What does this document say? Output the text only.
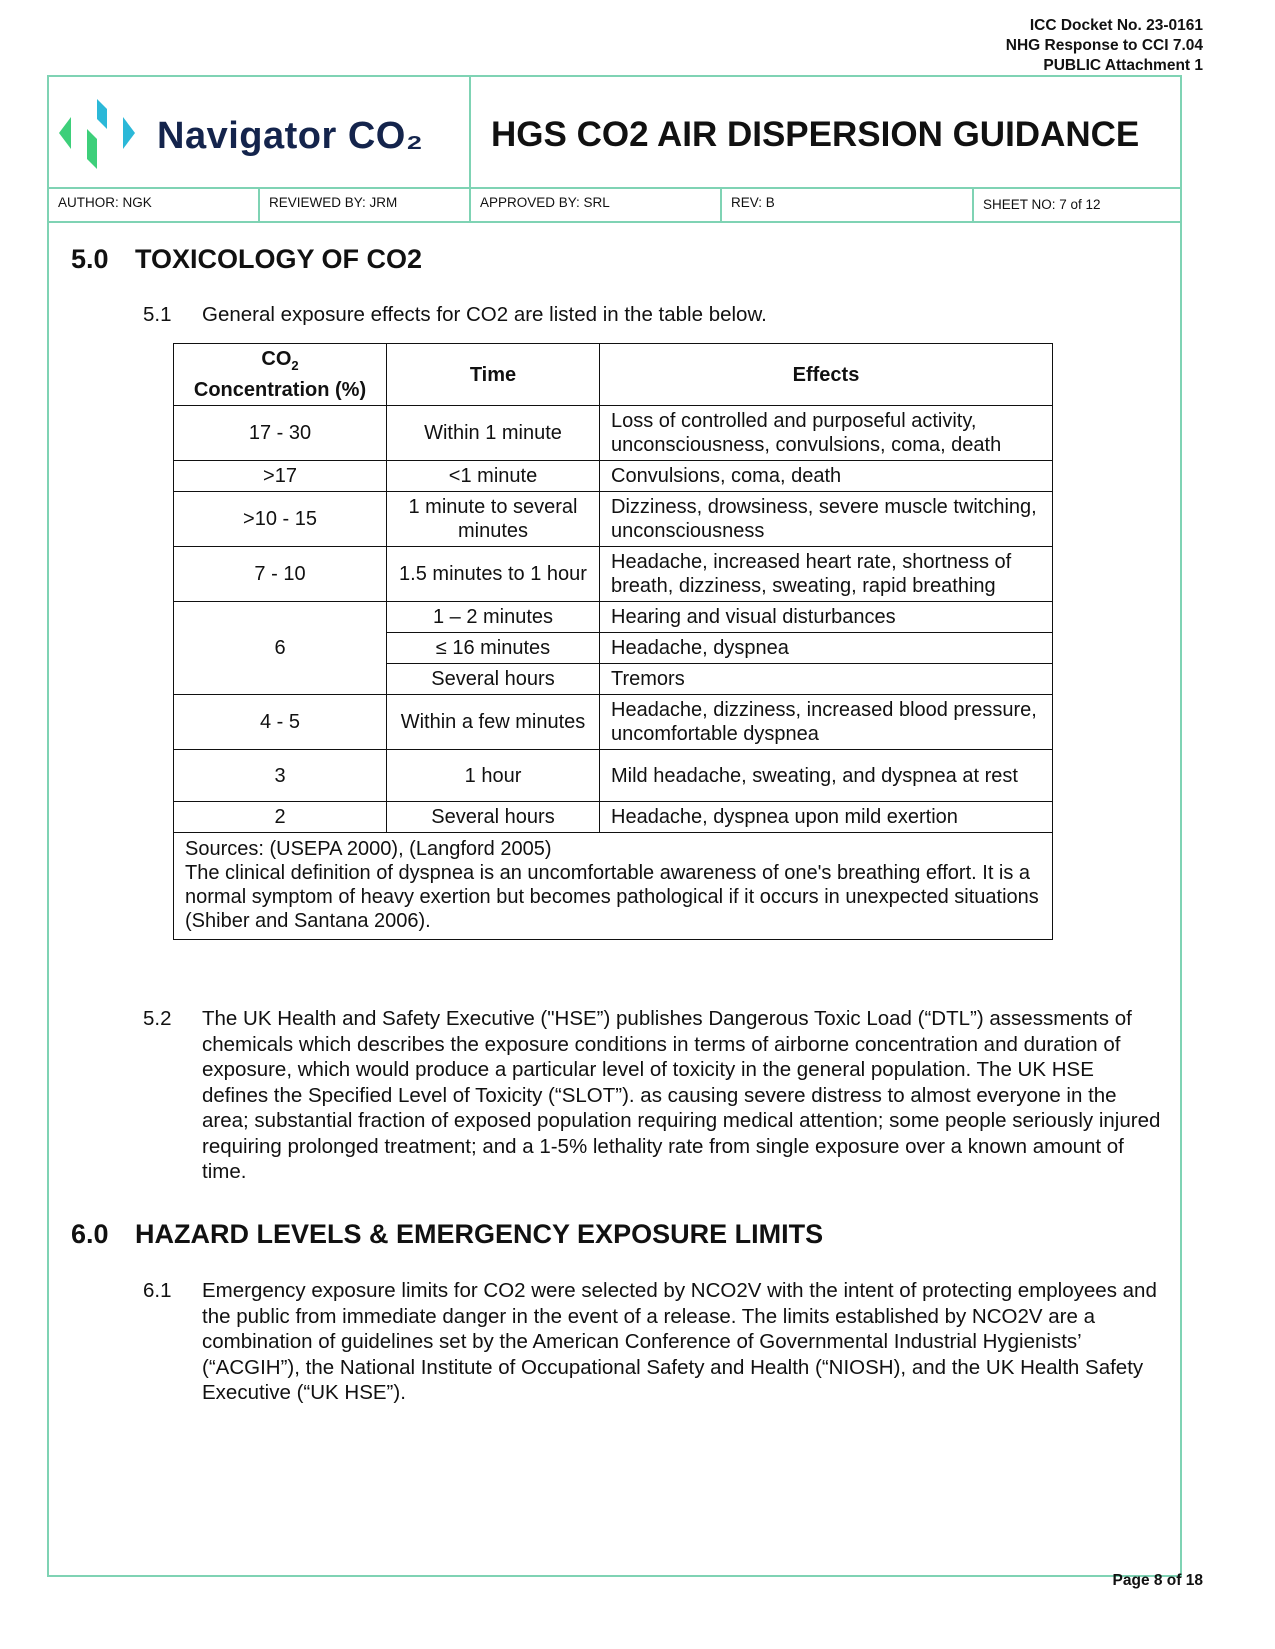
ICC Docket No. 23-0161
NHG Response to CCI 7.04
PUBLIC Attachment 1
Navigator CO₂ HGS CO2 AIR DISPERSION GUIDANCE
AUTHOR: NGK	REVIEWED BY: JRM	APPROVED BY: SRL	REV: B	SHEET NO: 7 of 12
5.0 TOXICOLOGY OF CO2
5.1 General exposure effects for CO2 are listed in the table below.
$CO_2$
Concentration (%)	Time	Effects
17 - 30	Within 1 minute	Loss of controlled and purposeful activity, unconsciousness, convulsions, coma, death
>17	<1 minute	Convulsions, coma, death
>10 - 15	1 minute to several minutes	Dizziness, drowsiness, severe muscle twitching, unconsciousness
7 - 10	1.5 minutes to 1 hour	Headache, increased heart rate, shortness of breath, dizziness, sweating, rapid breathing
6	1 – 2 minutes	Hearing and visual disturbances
	≤ 16 minutes	Headache, dyspnea
	Several hours	Tremors
4 - 5	Within a few minutes	Headache, dizziness, increased blood pressure, uncomfortable dyspnea
3	1 hour	Mild headache, sweating, and dyspnea at rest
2	Several hours	Headache, dyspnea upon mild exertion

Sources: (USEPA 2000), (Langford 2005)
The clinical definition of dyspnea is an uncomfortable awareness of one's breathing effort. It is a normal symptom of heavy exertion but becomes pathological if it occurs in unexpected situations (Shiber and Santana 2006).		
5.2 The UK Health and Safety Executive ("HSE”) publishes Dangerous Toxic Load (“DTL”) assessments of chemicals which describes the exposure conditions in terms of airborne concentration and duration of exposure, which would produce a particular level of toxicity in the general population. The UK HSE defines the Specified Level of Toxicity (“SLOT”). as causing severe distress to almost everyone in the area; substantial fraction of exposed population requiring medical attention; some people seriously injured requiring prolonged treatment; and a 1-5% lethality rate from single exposure over a known amount of time.
6.0 HAZARD LEVELS & EMERGENCY EXPOSURE LIMITS
6.1 Emergency exposure limits for CO2 were selected by NCO2V with the intent of protecting employees and the public from immediate danger in the event of a release. The limits established by NCO2V are a combination of guidelines set by the American Conference of Governmental Industrial Hygienists’ (“ACGIH”), the National Institute of Occupational Safety and Health (“NIOSH), and the UK Health Safety Executive (“UK HSE”).
Page 8 of 18
